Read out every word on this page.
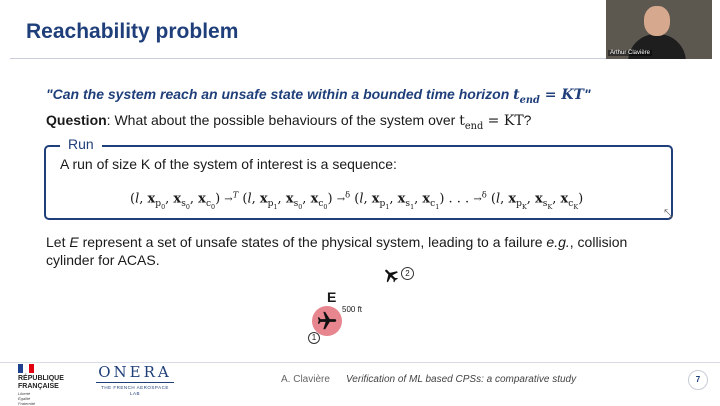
Reachability problem
"Can the system reach an unsafe state within a bounded time horizon $t_{end}$ = KT"
Question: What about the possible behaviours of the system over $t_{end}$ = KT?
Run
A run of size K of the system of interest is a sequence:
(l, $x_{p_0}$, $x_{s_0}$, $x_{c_0}) \to^T$ (l, $x_{p_1}$, $x_{s_0}$, $x_{c_0}) \to^\delta$ (l, $x_{p_1}$, $x_{s_1}$, $x_{c_1}$) . . . →$^\delta$ (l, $x_{p_K}$, $x_{s_K}$, $x_{c_K}$)
⤡
Let E represent a set of unsafe states of the physical system, leading to a failure e.g., collision cylinder for ACAS.
2
E
500 ft
1
RÉPUBLIQUE
FRANÇAISE
Liberté
Égalité
Fraternité
ONERA
THE FRENCH AEROSPACE LAB
A. Clavière Verification of ML based CPSs: a comparative study	7
Arthur Clavière
